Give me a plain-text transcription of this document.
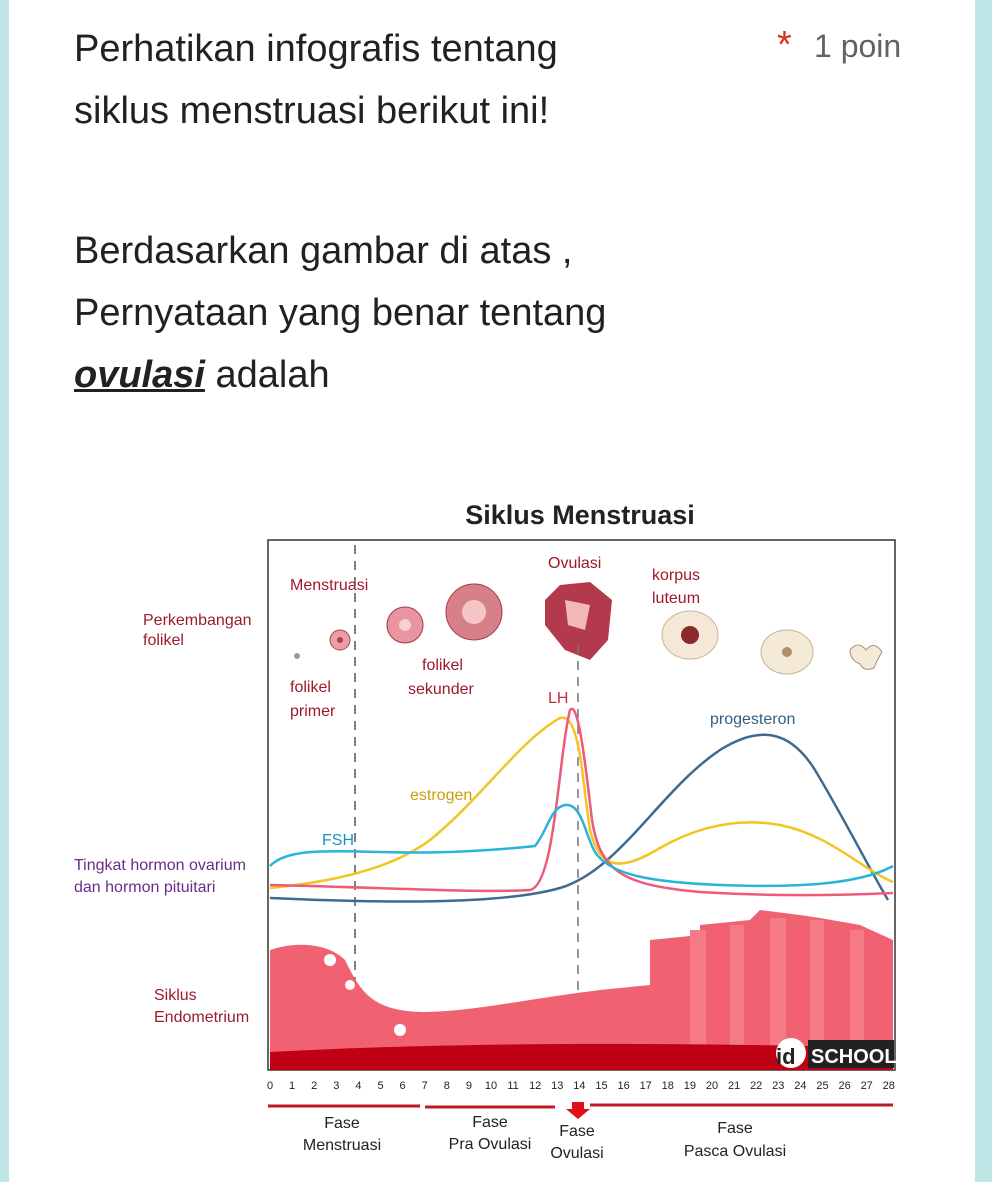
Perhatikan infografis tentang
siklus menstruasi berikut ini!
* 1 poin
Berdasarkan gambar di atas ,
Pernyataan yang benar tentang
ovulasi adalah
Siklus Menstruasi
Perkembangan
folikel
Siklus
Endometrium
Tingkat hormon ovarium
dan hormon pituitari
Menstruasi
Ovulasi
korpus
luteum
folikel
primer
folikel
sekunder
LH
progesteron
estrogen
FSH
id SCHOOL
0 1 2 3 4 5 6 7 8 9 10 11 12 13 14 15 16 17 18 19 20 21 22 23 24 25 26 27 28
Fase
Menstruasi
Fase
Pra Ovulasi
Fase
Ovulasi
Fase
Pasca Ovulasi
